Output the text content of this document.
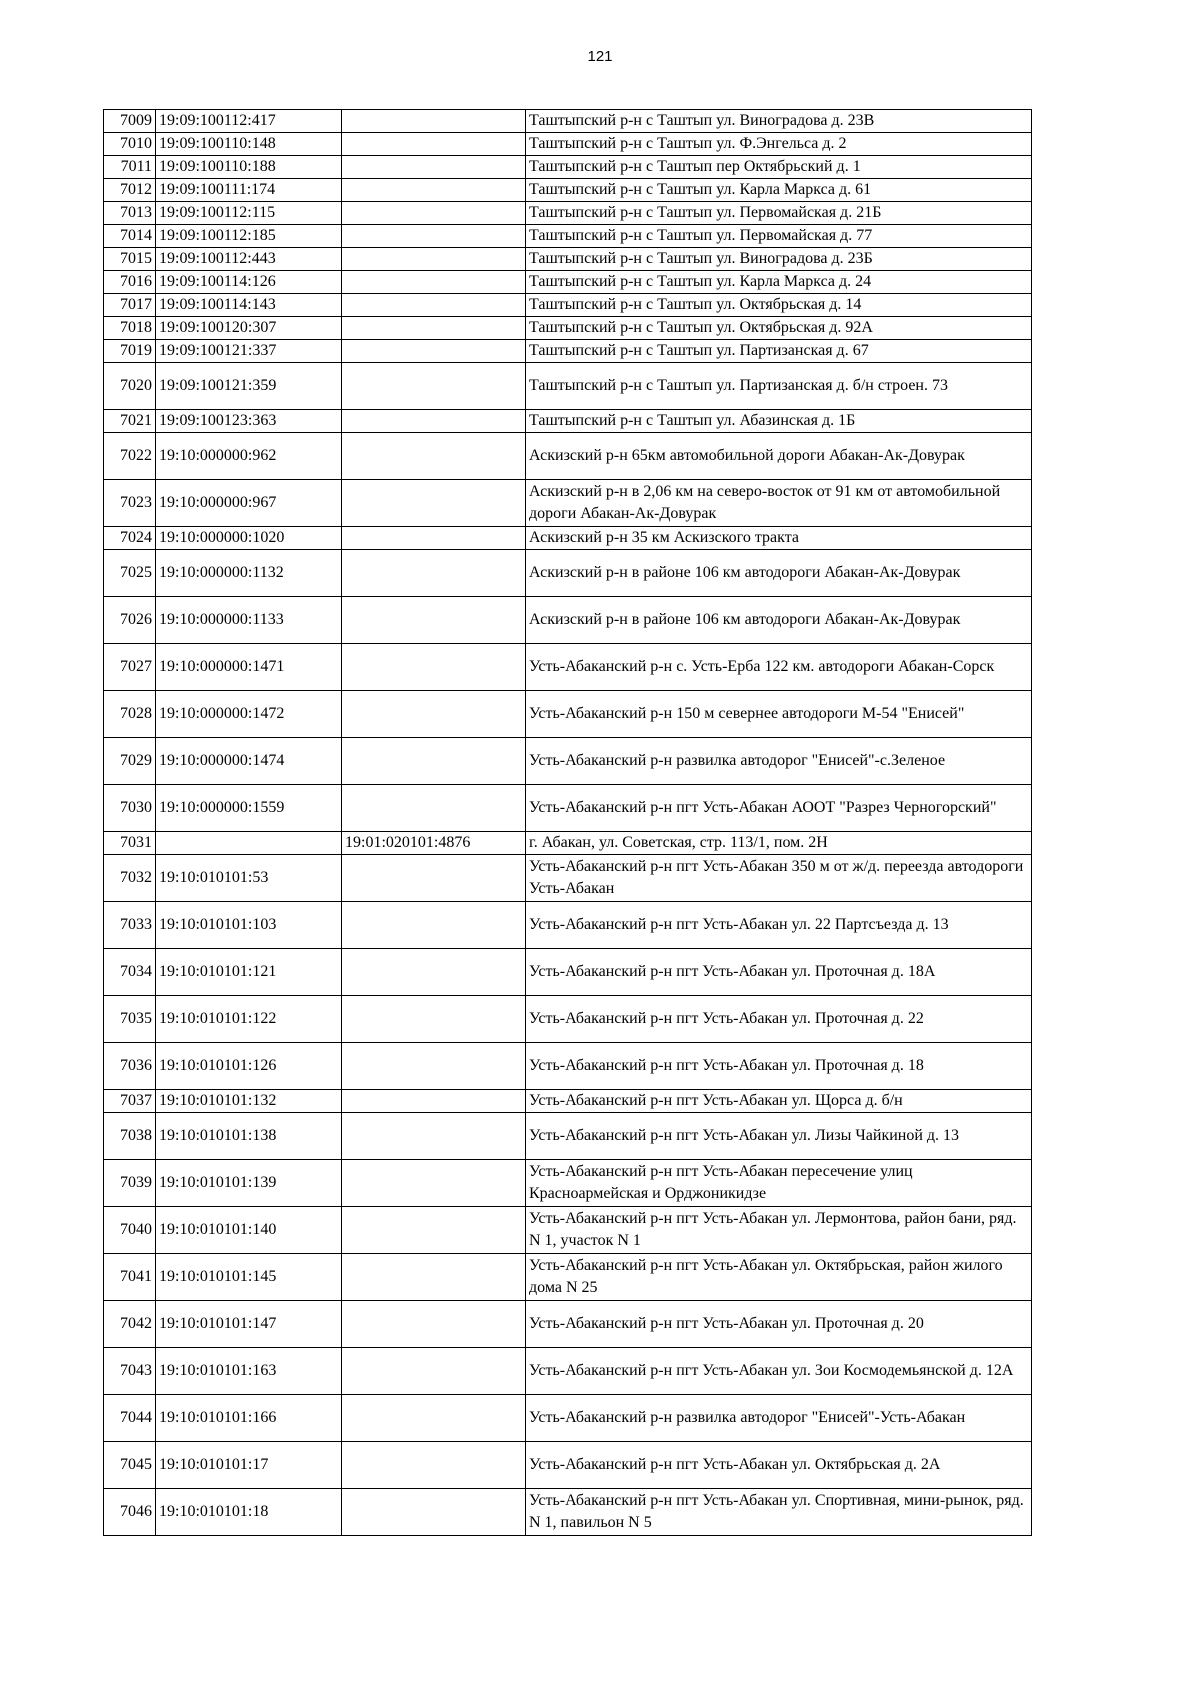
121
7009	19:09:100112:417		Таштыпский р-н с Таштып ул. Виноградова д. 23В
7010	19:09:100110:148		Таштыпский р-н с Таштып ул. Ф.Энгельса д. 2
7011	19:09:100110:188		Таштыпский р-н с Таштып пер Октябрьский д. 1
7012	19:09:100111:174		Таштыпский р-н с Таштып ул. Карла Маркса д. 61
7013	19:09:100112:115		Таштыпский р-н с Таштып ул. Первомайская д. 21Б
7014	19:09:100112:185		Таштыпский р-н с Таштып ул. Первомайская д. 77
7015	19:09:100112:443		Таштыпский р-н с Таштып ул. Виноградова д. 23Б
7016	19:09:100114:126		Таштыпский р-н с Таштып ул. Карла Маркса д. 24
7017	19:09:100114:143		Таштыпский р-н с Таштып ул. Октябрьская д. 14
7018	19:09:100120:307		Таштыпский р-н с Таштып ул. Октябрьская д. 92А
7019	19:09:100121:337		Таштыпский р-н с Таштып ул. Партизанская д. 67
7020	19:09:100121:359		Таштыпский р-н с Таштып ул. Партизанская д. б/н строен. 73
7021	19:09:100123:363		Таштыпский р-н с Таштып ул. Абазинская д. 1Б
7022	19:10:000000:962		Аскизский р-н 65км автомобильной дороги Абакан-Ак-Довурак
7023	19:10:000000:967		Аскизский р-н в 2,06 км на северо-восток от 91 км от автомобильной дороги Абакан-Ак-Довурак
7024	19:10:000000:1020		Аскизский р-н 35 км Аскизского тракта
7025	19:10:000000:1132		Аскизский р-н в районе 106 км автодороги Абакан-Ак-Довурак
7026	19:10:000000:1133		Аскизский р-н в районе 106 км автодороги Абакан-Ак-Довурак
7027	19:10:000000:1471		Усть-Абаканский р-н с. Усть-Ерба 122 км. автодороги Абакан-Сорск
7028	19:10:000000:1472		Усть-Абаканский р-н 150 м севернее автодороги М-54 "Енисей"
7029	19:10:000000:1474		Усть-Абаканский р-н развилка автодорог "Енисей"-с.Зеленое
7030	19:10:000000:1559		Усть-Абаканский р-н пгт Усть-Абакан АООТ "Разрез Черногорский"
7031		19:01:020101:4876	г. Абакан, ул. Советская, стр. 113/1, пом. 2Н
7032	19:10:010101:53		Усть-Абаканский р-н пгт Усть-Абакан 350 м от ж/д. переезда автодороги Усть-Абакан
7033	19:10:010101:103		Усть-Абаканский р-н пгт Усть-Абакан ул. 22 Партсъезда д. 13
7034	19:10:010101:121		Усть-Абаканский р-н пгт Усть-Абакан ул. Проточная д. 18А
7035	19:10:010101:122		Усть-Абаканский р-н пгт Усть-Абакан ул. Проточная д. 22
7036	19:10:010101:126		Усть-Абаканский р-н пгт Усть-Абакан ул. Проточная д. 18
7037	19:10:010101:132		Усть-Абаканский р-н пгт Усть-Абакан ул. Щорса д. б/н
7038	19:10:010101:138		Усть-Абаканский р-н пгт Усть-Абакан ул. Лизы Чайкиной д. 13
7039	19:10:010101:139		Усть-Абаканский р-н пгт Усть-Абакан пересечение улиц Красноармейская и Орджоникидзе
7040	19:10:010101:140		Усть-Абаканский р-н пгт Усть-Абакан ул. Лермонтова, район бани, ряд. N 1, участок N 1
7041	19:10:010101:145		Усть-Абаканский р-н пгт Усть-Абакан ул. Октябрьская, район жилого дома N 25
7042	19:10:010101:147		Усть-Абаканский р-н пгт Усть-Абакан ул. Проточная д. 20
7043	19:10:010101:163		Усть-Абаканский р-н пгт Усть-Абакан ул. Зои Космодемьянской д. 12А
7044	19:10:010101:166		Усть-Абаканский р-н развилка автодорог "Енисей"-Усть-Абакан
7045	19:10:010101:17		Усть-Абаканский р-н пгт Усть-Абакан ул. Октябрьская д. 2А
7046	19:10:010101:18		Усть-Абаканский р-н пгт Усть-Абакан ул. Спортивная, мини-рынок, ряд. N 1, павильон N 5
